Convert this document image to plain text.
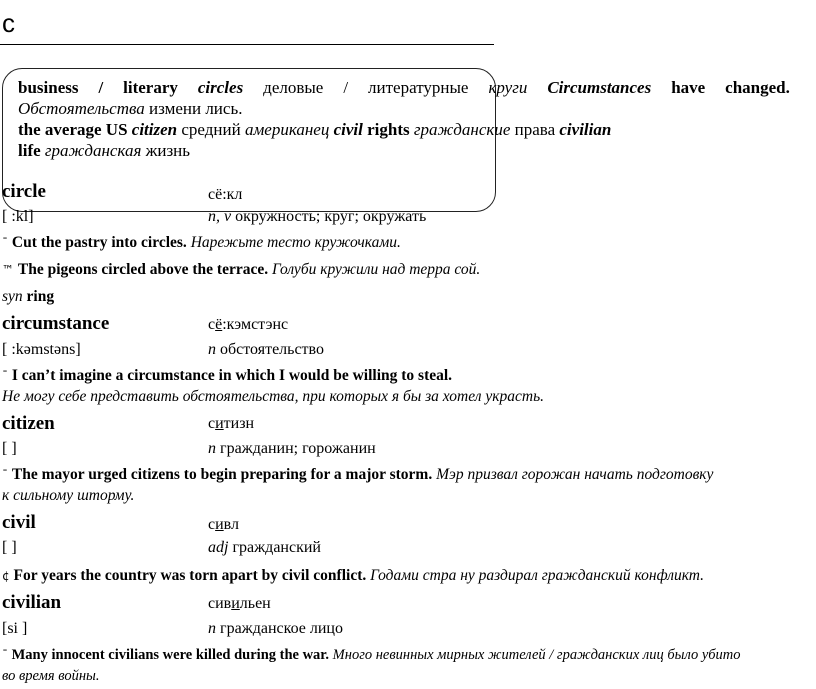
c
business / literary circles деловые / литературные круги Circumstances have changed.
Обстоятельства измени лись.
the average US citizen средний американец civil rights гражданские права civilian
life гражданская жизнь
circle	сё:кл
[ :kl]	n, v окружность; круг; окружать
ˉ Cut the pastry into circles. Нарежьте тесто кружочками.
™ The pigeons circled above the terrace. Голуби кружили над терра сой.
syn ring
circumstance	сё:кэмстэнс
[ :kəmstəns]	n обстоятельство
ˉ I can’t imagine a circumstance in which I would be willing to steal.
Не могу себе представить обстоятельства, при которых я бы за хотел украсть.
citizen	ситизн
[ ]	n гражданин; горожанин
ˉ The mayor urged citizens to begin preparing for a major storm. Мэр призвал горожан начать подготовку
к сильному шторму.
civil	сивл
[ ]	adj гражданский
¢ For years the country was torn apart by civil conflict. Годами стра ну раздирал гражданский конфликт.
civilian	сивильен
[si ]	n гражданское лицо
ˉ Many innocent civilians were killed during the war. Много невинных мирных жителей / гражданских лиц было убито
во время войны.
